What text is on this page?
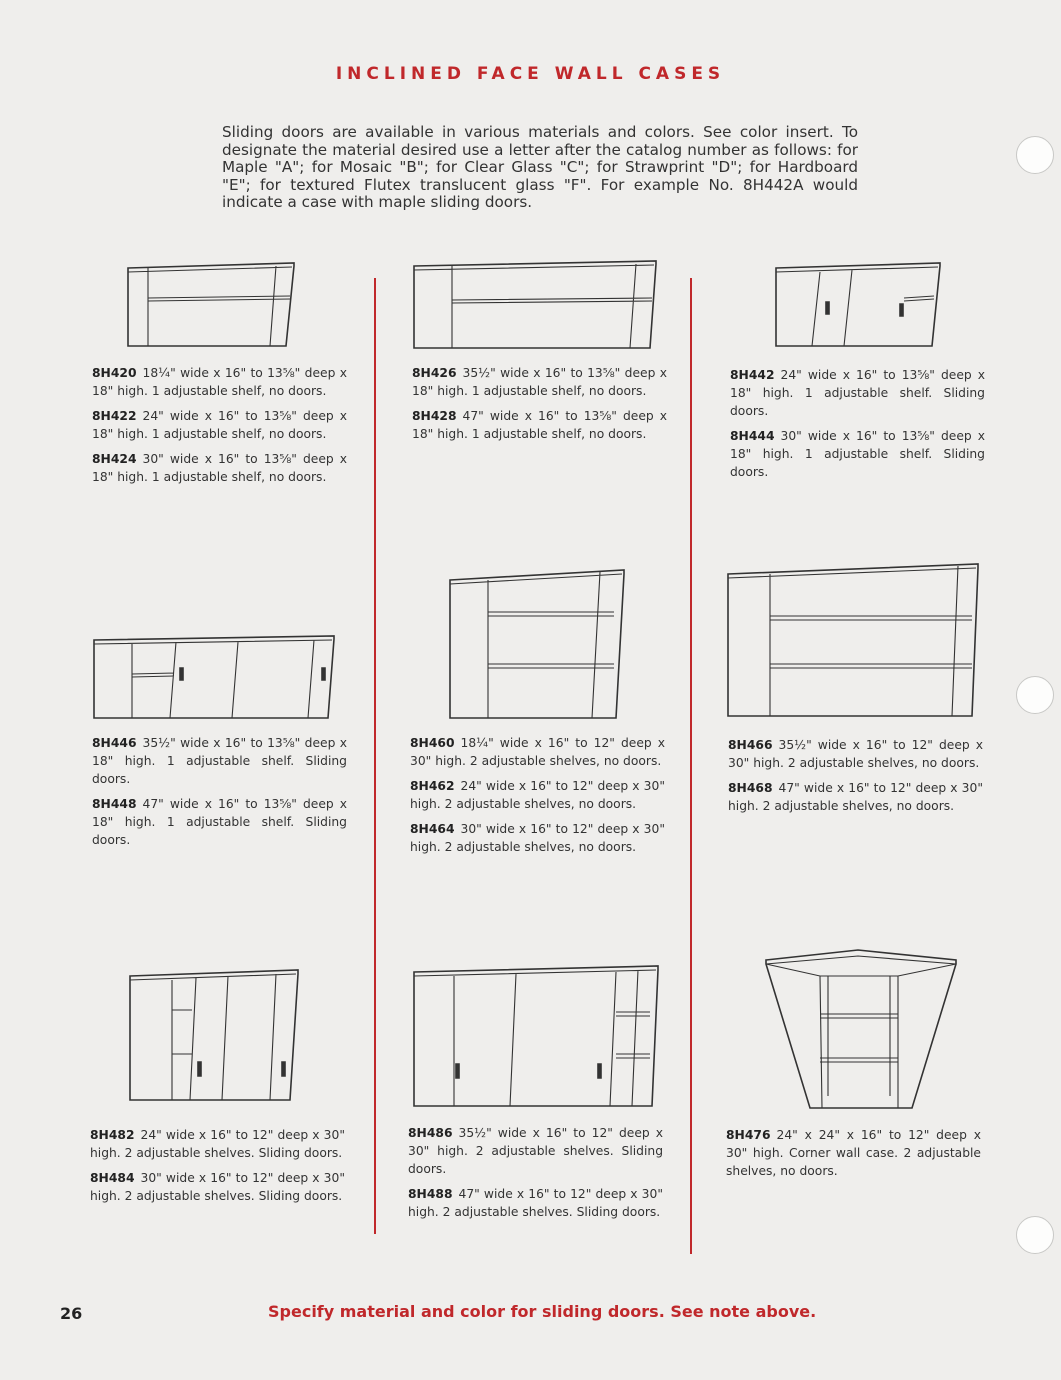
INCLINED FACE WALL CASES
Sliding doors are available in various materials and colors. See color insert. To designate the material desired use a letter after the catalog number as follows: for Maple "A"; for Mosaic "B"; for Clear Glass "C"; for Strawprint "D"; for Hardboard "E"; for textured Flutex translucent glass "F". For example No. 8H442A would indicate a case with maple sliding doors.
8H420 18¼" wide x 16" to 13⅝" deep x 18" high. 1 adjustable shelf, no doors.
8H422 24" wide x 16" to 13⅝" deep x 18" high. 1 adjustable shelf, no doors.
8H424 30" wide x 16" to 13⅝" deep x 18" high. 1 adjustable shelf, no doors.
8H426 35½" wide x 16" to 13⅝" deep x 18" high. 1 adjustable shelf, no doors.
8H428 47" wide x 16" to 13⅝" deep x 18" high. 1 adjustable shelf, no doors.
8H442 24" wide x 16" to 13⅝" deep x 18" high. 1 adjustable shelf. Sliding doors.
8H444 30" wide x 16" to 13⅝" deep x 18" high. 1 adjustable shelf. Sliding doors.
8H446 35½" wide x 16" to 13⅝" deep x 18" high. 1 adjustable shelf. Sliding doors.
8H448 47" wide x 16" to 13⅝" deep x 18" high. 1 adjustable shelf. Sliding doors.
8H460 18¼" wide x 16" to 12" deep x 30" high. 2 adjustable shelves, no doors.
8H462 24" wide x 16" to 12" deep x 30" high. 2 adjustable shelves, no doors.
8H464 30" wide x 16" to 12" deep x 30" high. 2 adjustable shelves, no doors.
8H466 35½" wide x 16" to 12" deep x 30" high. 2 adjustable shelves, no doors.
8H468 47" wide x 16" to 12" deep x 30" high. 2 adjustable shelves, no doors.
8H482 24" wide x 16" to 12" deep x 30" high. 2 adjustable shelves. Sliding doors.
8H484 30" wide x 16" to 12" deep x 30" high. 2 adjustable shelves. Sliding doors.
8H486 35½" wide x 16" to 12" deep x 30" high. 2 adjustable shelves. Sliding doors.
8H488 47" wide x 16" to 12" deep x 30" high. 2 adjustable shelves. Sliding doors.
8H476 24" x 24" x 16" to 12" deep x 30" high. Corner wall case. 2 adjustable shelves, no doors.
26	Specify material and color for sliding doors. See note above.
